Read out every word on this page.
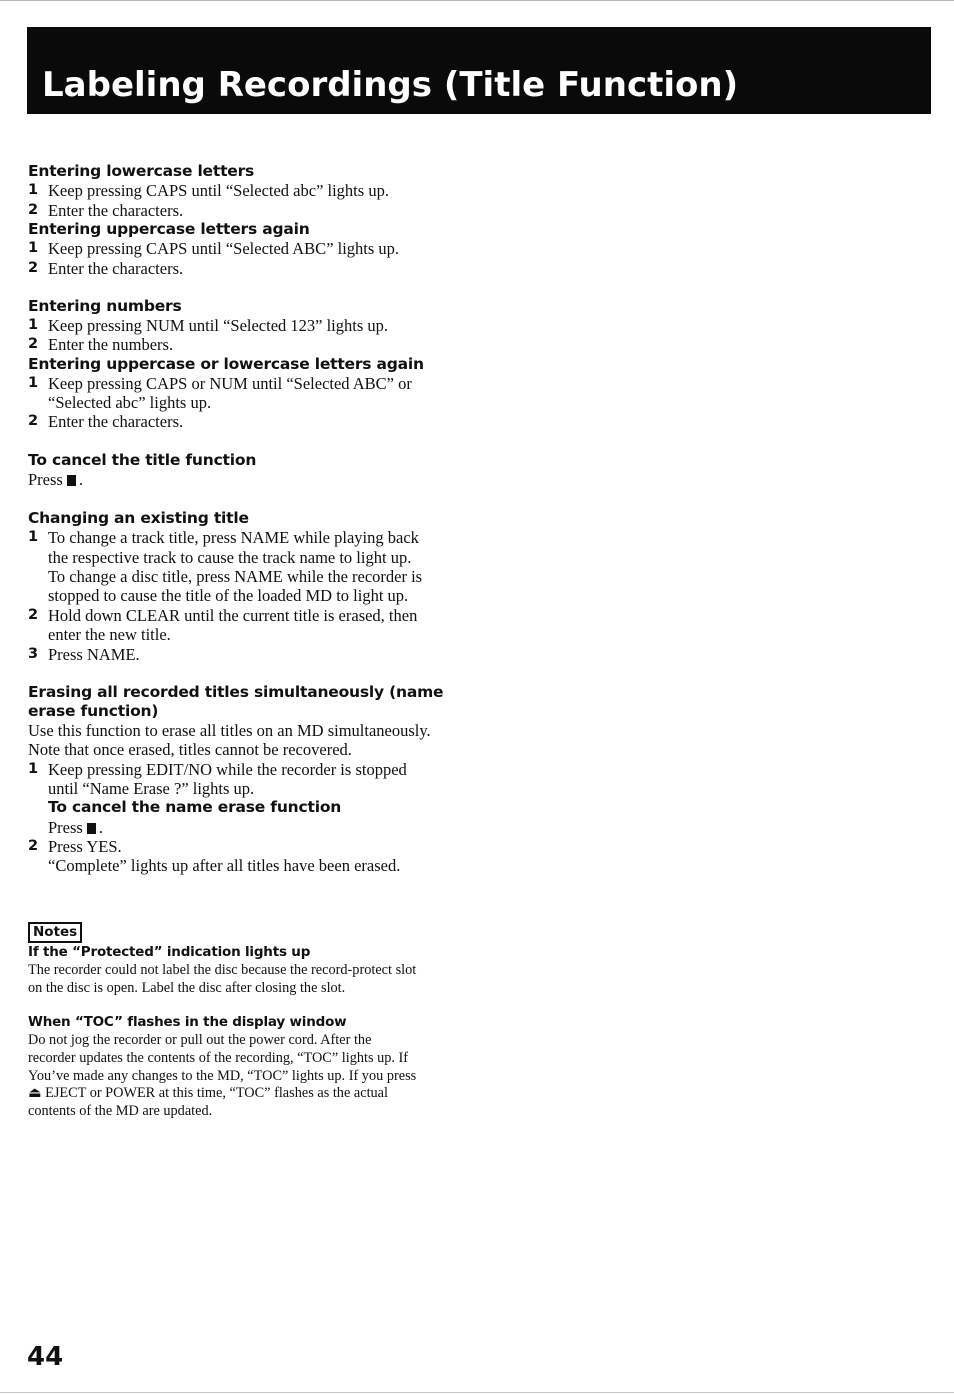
Labeling Recordings (Title Function)
Entering lowercase letters
1 Keep pressing CAPS until “Selected abc” lights up.
2 Enter the characters.
Entering uppercase letters again
1 Keep pressing CAPS until “Selected ABC” lights up.
2 Enter the characters.
Entering numbers
1 Keep pressing NUM until “Selected 123” lights up.
2 Enter the numbers.
Entering uppercase or lowercase letters again
1 Keep pressing CAPS or NUM until “Selected ABC” or
“Selected abc” lights up.
2 Enter the characters.
To cancel the title function
Press .
Changing an existing title
1 To change a track title, press NAME while playing back
the respective track to cause the track name to light up.
To change a disc title, press NAME while the recorder is
stopped to cause the title of the loaded MD to light up.
2 Hold down CLEAR until the current title is erased, then
enter the new title.
3 Press NAME.
Erasing all recorded titles simultaneously (name
erase function)
Use this function to erase all titles on an MD simultaneously.
Note that once erased, titles cannot be recovered.
1 Keep pressing EDIT/NO while the recorder is stopped
until “Name Erase ?” lights up.
To cancel the name erase function
Press .
2 Press YES.
“Complete” lights up after all titles have been erased.
Notes
If the “Protected” indication lights up
The recorder could not label the disc because the record-protect slot
on the disc is open. Label the disc after closing the slot.
When “TOC” flashes in the display window
Do not jog the recorder or pull out the power cord. After the
recorder updates the contents of the recording, “TOC” lights up. If
You’ve made any changes to the MD, “TOC” lights up. If you press
⏏ EJECT or POWER at this time, “TOC” flashes as the actual
contents of the MD are updated.
44
